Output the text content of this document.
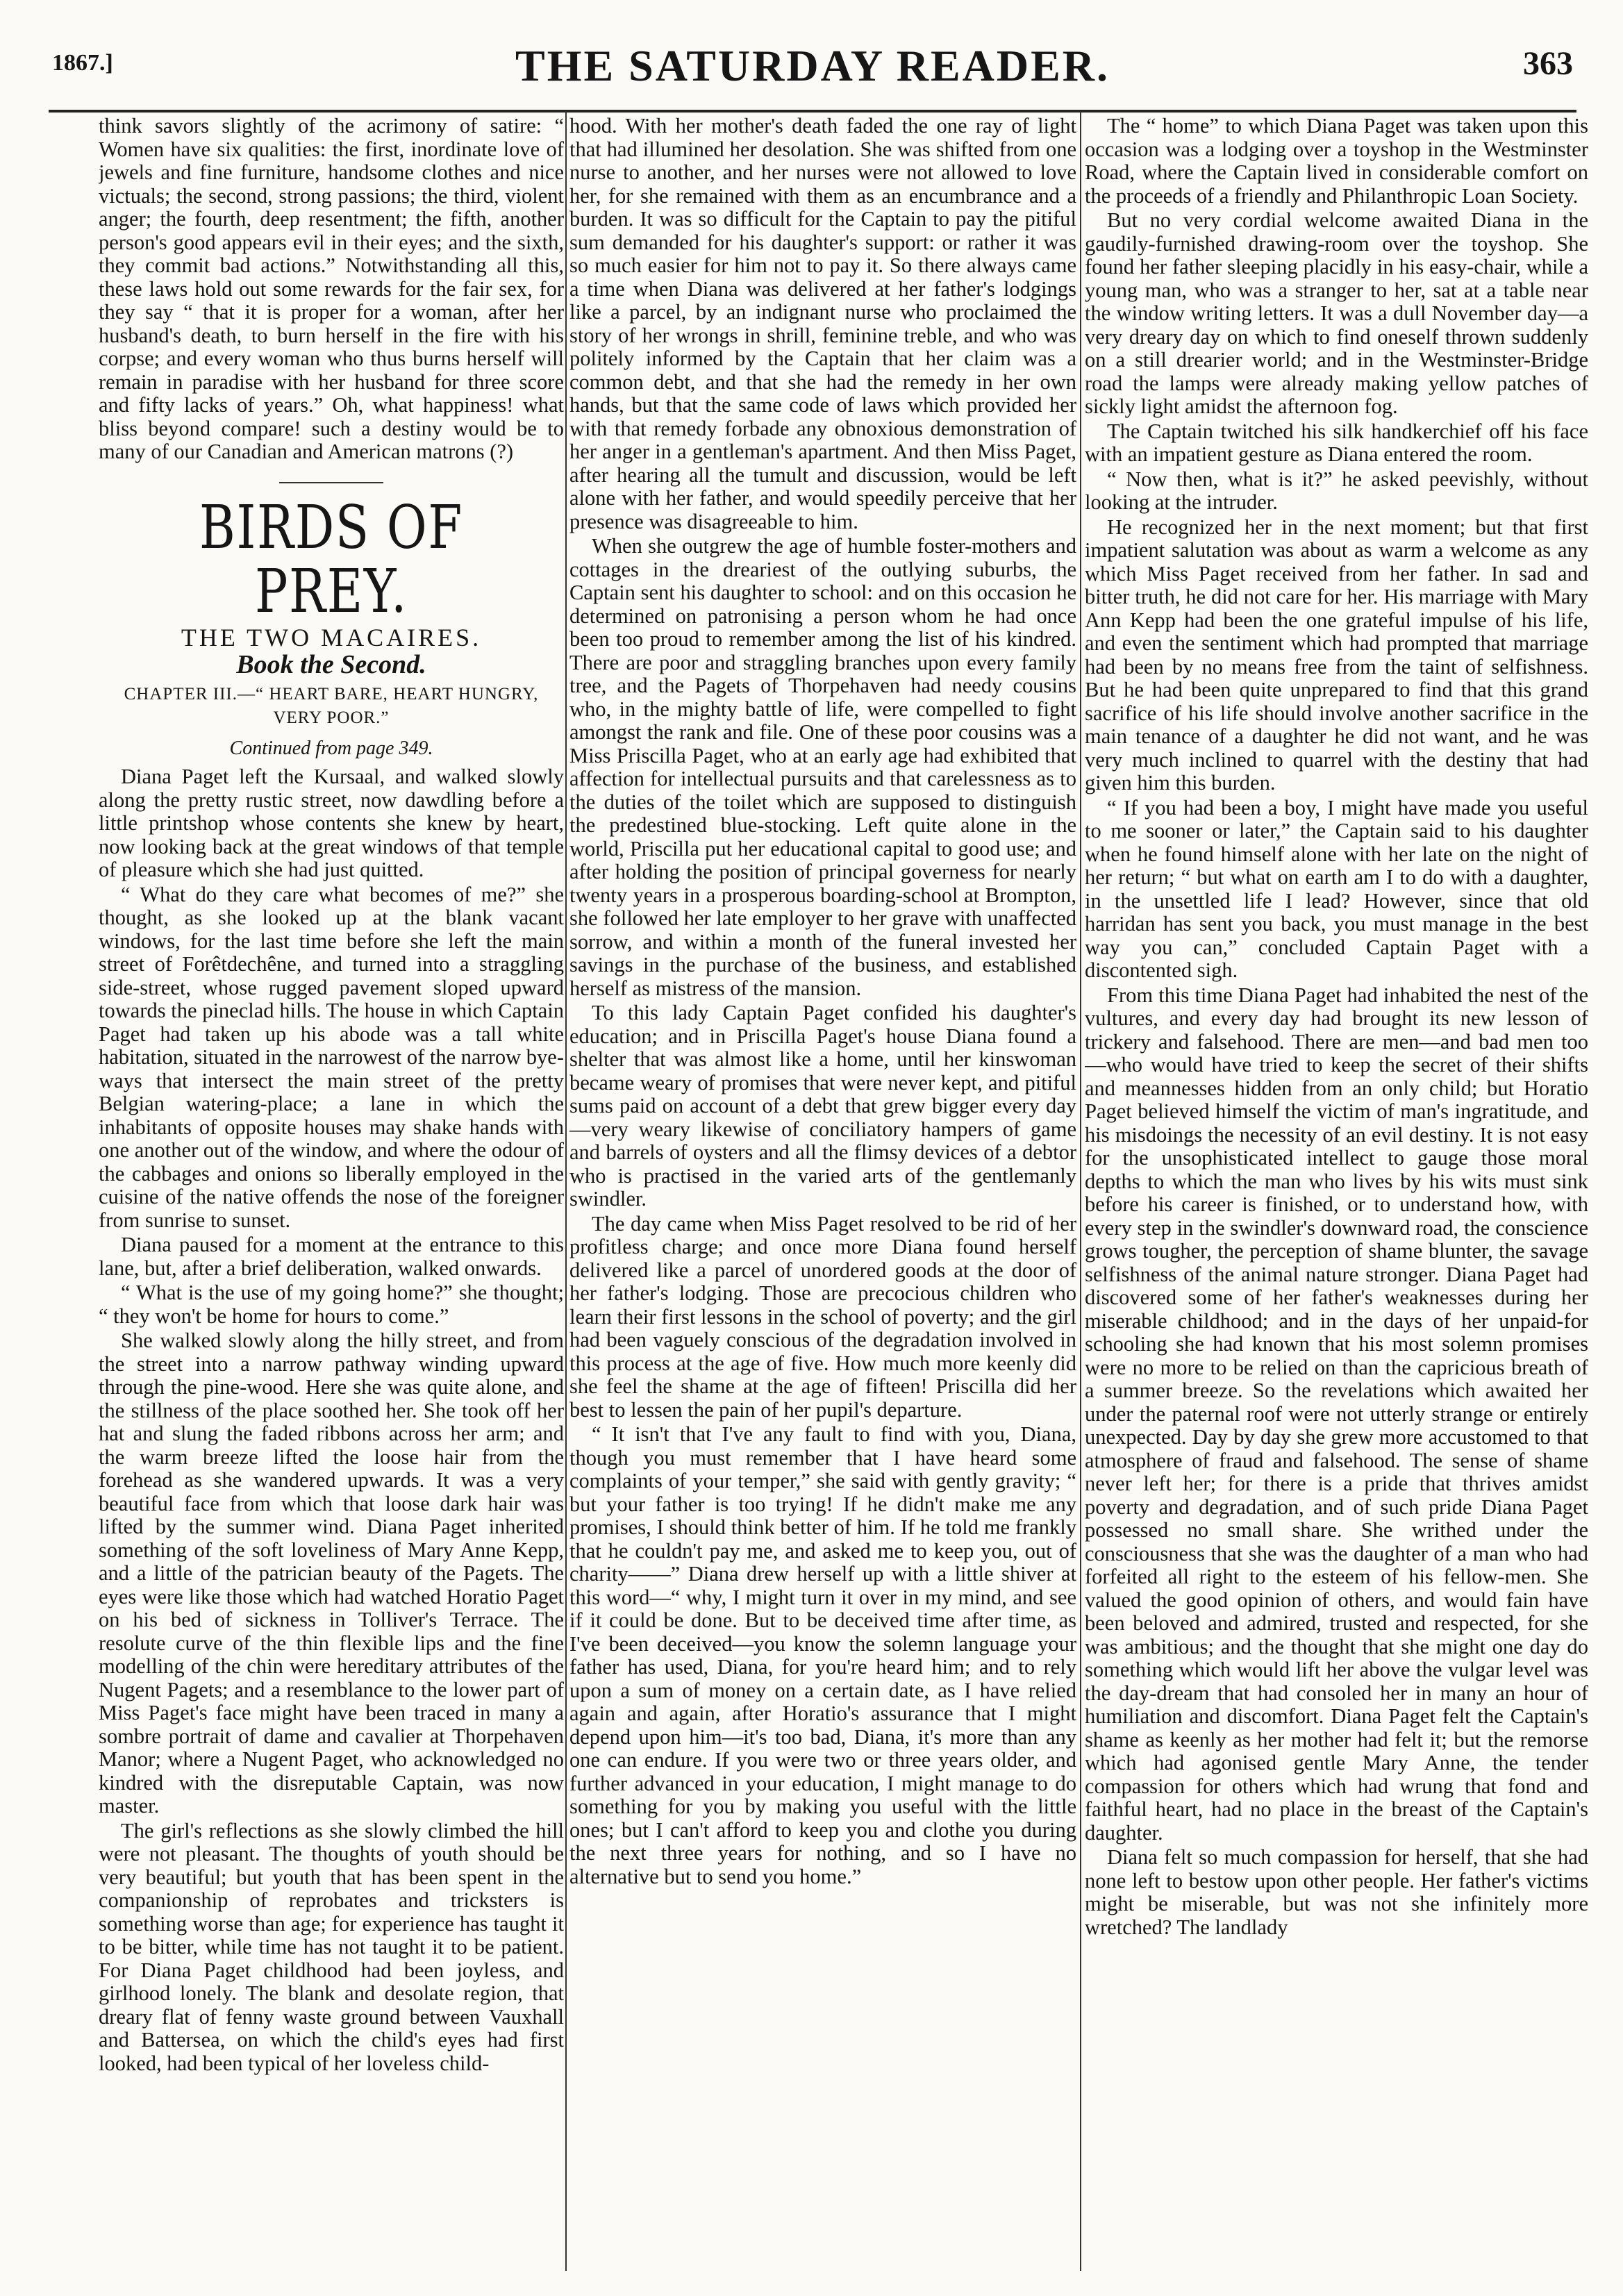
1867.]	THE SATURDAY READER.	363

think savors slightly of the acrimony of satire: “ Women have six qualities: the first, inordinate love of jewels and fine furniture, handsome clothes and nice victuals; the second, strong passions; the third, violent anger; the fourth, deep resentment; the fifth, another person's good appears evil in their eyes; and the sixth, they commit bad actions.” Notwithstanding all this, these laws hold out some rewards for the fair sex, for they say “ that it is proper for a woman, after her husband's death, to burn herself in the fire with his corpse; and every woman who thus burns herself will remain in paradise with her husband for three score and fifty lacks of years.” Oh, what happiness! what bliss beyond compare! such a destiny would be to many of our Canadian and American matrons (?)

BIRDS OF PREY.
THE TWO MACAIRES.
Book the Second.
CHAPTER III.—“ HEART BARE, HEART HUNGRY, VERY POOR.”
Continued from page 349.

Diana Paget left the Kursaal, and walked slowly along the pretty rustic street, now dawdling before a little printshop whose contents she knew by heart, now looking back at the great windows of that temple of pleasure which she had just quitted.

“ What do they care what becomes of me?” she thought, as she looked up at the blank vacant windows, for the last time before she left the main street of Forêtdechêne, and turned into a straggling side-street, whose rugged pavement sloped upward towards the pineclad hills. The house in which Captain Paget had taken up his abode was a tall white habitation, situated in the narrowest of the narrow bye-ways that intersect the main street of the pretty Belgian watering-place; a lane in which the inhabitants of opposite houses may shake hands with one another out of the window, and where the odour of the cabbages and onions so liberally employed in the cuisine of the native offends the nose of the foreigner from sunrise to sunset.

Diana paused for a moment at the entrance to this lane, but, after a brief deliberation, walked onwards.

“ What is the use of my going home?” she thought; “ they won't be home for hours to come.”

She walked slowly along the hilly street, and from the street into a narrow pathway winding upward through the pine-wood. Here she was quite alone, and the stillness of the place soothed her. She took off her hat and slung the faded ribbons across her arm; and the warm breeze lifted the loose hair from the forehead as she wandered upwards. It was a very beautiful face from which that loose dark hair was lifted by the summer wind. Diana Paget inherited something of the soft loveliness of Mary Anne Kepp, and a little of the patrician beauty of the Pagets. The eyes were like those which had watched Horatio Paget on his bed of sickness in Tolliver's Terrace. The resolute curve of the thin flexible lips and the fine modelling of the chin were hereditary attributes of the Nugent Pagets; and a resemblance to the lower part of Miss Paget's face might have been traced in many a sombre portrait of dame and cavalier at Thorpehaven Manor; where a Nugent Paget, who acknowledged no kindred with the disreputable Captain, was now master.

The girl's reflections as she slowly climbed the hill were not pleasant. The thoughts of youth should be very beautiful; but youth that has been spent in the companionship of reprobates and tricksters is something worse than age; for experience has taught it to be bitter, while time has not taught it to be patient. For Diana Paget childhood had been joyless, and girlhood lonely. The blank and desolate region, that dreary flat of fenny waste ground between Vauxhall and Battersea, on which the child's eyes had first looked, had been typical of her loveless child-

hood. With her mother's death faded the one ray of light that had illumined her desolation. She was shifted from one nurse to another, and her nurses were not allowed to love her, for she remained with them as an encumbrance and a burden. It was so difficult for the Captain to pay the pitiful sum demanded for his daughter's support: or rather it was so much easier for him not to pay it. So there always came a time when Diana was delivered at her father's lodgings like a parcel, by an indignant nurse who proclaimed the story of her wrongs in shrill, feminine treble, and who was politely informed by the Captain that her claim was a common debt, and that she had the remedy in her own hands, but that the same code of laws which provided her with that remedy forbade any obnoxious demonstration of her anger in a gentleman's apartment. And then Miss Paget, after hearing all the tumult and discussion, would be left alone with her father, and would speedily perceive that her presence was disagreeable to him.

When she outgrew the age of humble foster-mothers and cottages in the dreariest of the outlying suburbs, the Captain sent his daughter to school: and on this occasion he determined on patronising a person whom he had once been too proud to remember among the list of his kindred. There are poor and straggling branches upon every family tree, and the Pagets of Thorpehaven had needy cousins who, in the mighty battle of life, were compelled to fight amongst the rank and file. One of these poor cousins was a Miss Priscilla Paget, who at an early age had exhibited that affection for intellectual pursuits and that carelessness as to the duties of the toilet which are supposed to distinguish the predestined blue-stocking. Left quite alone in the world, Priscilla put her educational capital to good use; and after holding the position of principal governess for nearly twenty years in a prosperous boarding-school at Brompton, she followed her late employer to her grave with unaffected sorrow, and within a month of the funeral invested her savings in the purchase of the business, and established herself as mistress of the mansion.

To this lady Captain Paget confided his daughter's education; and in Priscilla Paget's house Diana found a shelter that was almost like a home, until her kinswoman became weary of promises that were never kept, and pitiful sums paid on account of a debt that grew bigger every day—very weary likewise of conciliatory hampers of game and barrels of oysters and all the flimsy devices of a debtor who is practised in the varied arts of the gentlemanly swindler.

The day came when Miss Paget resolved to be rid of her profitless charge; and once more Diana found herself delivered like a parcel of unordered goods at the door of her father's lodging. Those are precocious children who learn their first lessons in the school of poverty; and the girl had been vaguely conscious of the degradation involved in this process at the age of five. How much more keenly did she feel the shame at the age of fifteen! Priscilla did her best to lessen the pain of her pupil's departure.

“ It isn't that I've any fault to find with you, Diana, though you must remember that I have heard some complaints of your temper,” she said with gently gravity; “ but your father is too trying! If he didn't make me any promises, I should think better of him. If he told me frankly that he couldn't pay me, and asked me to keep you, out of charity——” Diana drew herself up with a little shiver at this word—“ why, I might turn it over in my mind, and see if it could be done. But to be deceived time after time, as I've been deceived—you know the solemn language your father has used, Diana, for you're heard him; and to rely upon a sum of money on a certain date, as I have relied again and again, after Horatio's assurance that I might depend upon him—it's too bad, Diana, it's more than any one can endure. If you were two or three years older, and further advanced in your education, I might manage to do something for you by making you useful with the little ones; but I can't afford to keep you and clothe you during the next three years for nothing, and so I have no alternative but to send you home.”

The “ home” to which Diana Paget was taken upon this occasion was a lodging over a toyshop in the Westminster Road, where the Captain lived in considerable comfort on the proceeds of a friendly and Philanthropic Loan Society.

But no very cordial welcome awaited Diana in the gaudily-furnished drawing-room over the toyshop. She found her father sleeping placidly in his easy-chair, while a young man, who was a stranger to her, sat at a table near the window writing letters. It was a dull November day—a very dreary day on which to find oneself thrown suddenly on a still drearier world; and in the Westminster-Bridge road the lamps were already making yellow patches of sickly light amidst the afternoon fog.

The Captain twitched his silk handkerchief off his face with an impatient gesture as Diana entered the room.

“ Now then, what is it?” he asked peevishly, without looking at the intruder.

He recognized her in the next moment; but that first impatient salutation was about as warm a welcome as any which Miss Paget received from her father. In sad and bitter truth, he did not care for her. His marriage with Mary Ann Kepp had been the one grateful impulse of his life, and even the sentiment which had prompted that marriage had been by no means free from the taint of selfishness. But he had been quite unprepared to find that this grand sacrifice of his life should involve another sacrifice in the main tenance of a daughter he did not want, and he was very much inclined to quarrel with the destiny that had given him this burden.

“ If you had been a boy, I might have made you useful to me sooner or later,” the Captain said to his daughter when he found himself alone with her late on the night of her return; “ but what on earth am I to do with a daughter, in the unsettled life I lead? However, since that old harridan has sent you back, you must manage in the best way you can,” concluded Captain Paget with a discontented sigh.

From this time Diana Paget had inhabited the nest of the vultures, and every day had brought its new lesson of trickery and falsehood. There are men—and bad men too—who would have tried to keep the secret of their shifts and meannesses hidden from an only child; but Horatio Paget believed himself the victim of man's ingratitude, and his misdoings the necessity of an evil destiny. It is not easy for the unsophisticated intellect to gauge those moral depths to which the man who lives by his wits must sink before his career is finished, or to understand how, with every step in the swindler's downward road, the conscience grows tougher, the perception of shame blunter, the savage selfishness of the animal nature stronger. Diana Paget had discovered some of her father's weaknesses during her miserable childhood; and in the days of her unpaid-for schooling she had known that his most solemn promises were no more to be relied on than the capricious breath of a summer breeze. So the revelations which awaited her under the paternal roof were not utterly strange or entirely unexpected. Day by day she grew more accustomed to that atmosphere of fraud and falsehood. The sense of shame never left her; for there is a pride that thrives amidst poverty and degradation, and of such pride Diana Paget possessed no small share. She writhed under the consciousness that she was the daughter of a man who had forfeited all right to the esteem of his fellow-men. She valued the good opinion of others, and would fain have been beloved and admired, trusted and respected, for she was ambitious; and the thought that she might one day do something which would lift her above the vulgar level was the day-dream that had consoled her in many an hour of humiliation and discomfort. Diana Paget felt the Captain's shame as keenly as her mother had felt it; but the remorse which had agonised gentle Mary Anne, the tender compassion for others which had wrung that fond and faithful heart, had no place in the breast of the Captain's daughter.

Diana felt so much compassion for herself, that she had none left to bestow upon other people. Her father's victims might be miserable, but was not she infinitely more wretched? The landlady
